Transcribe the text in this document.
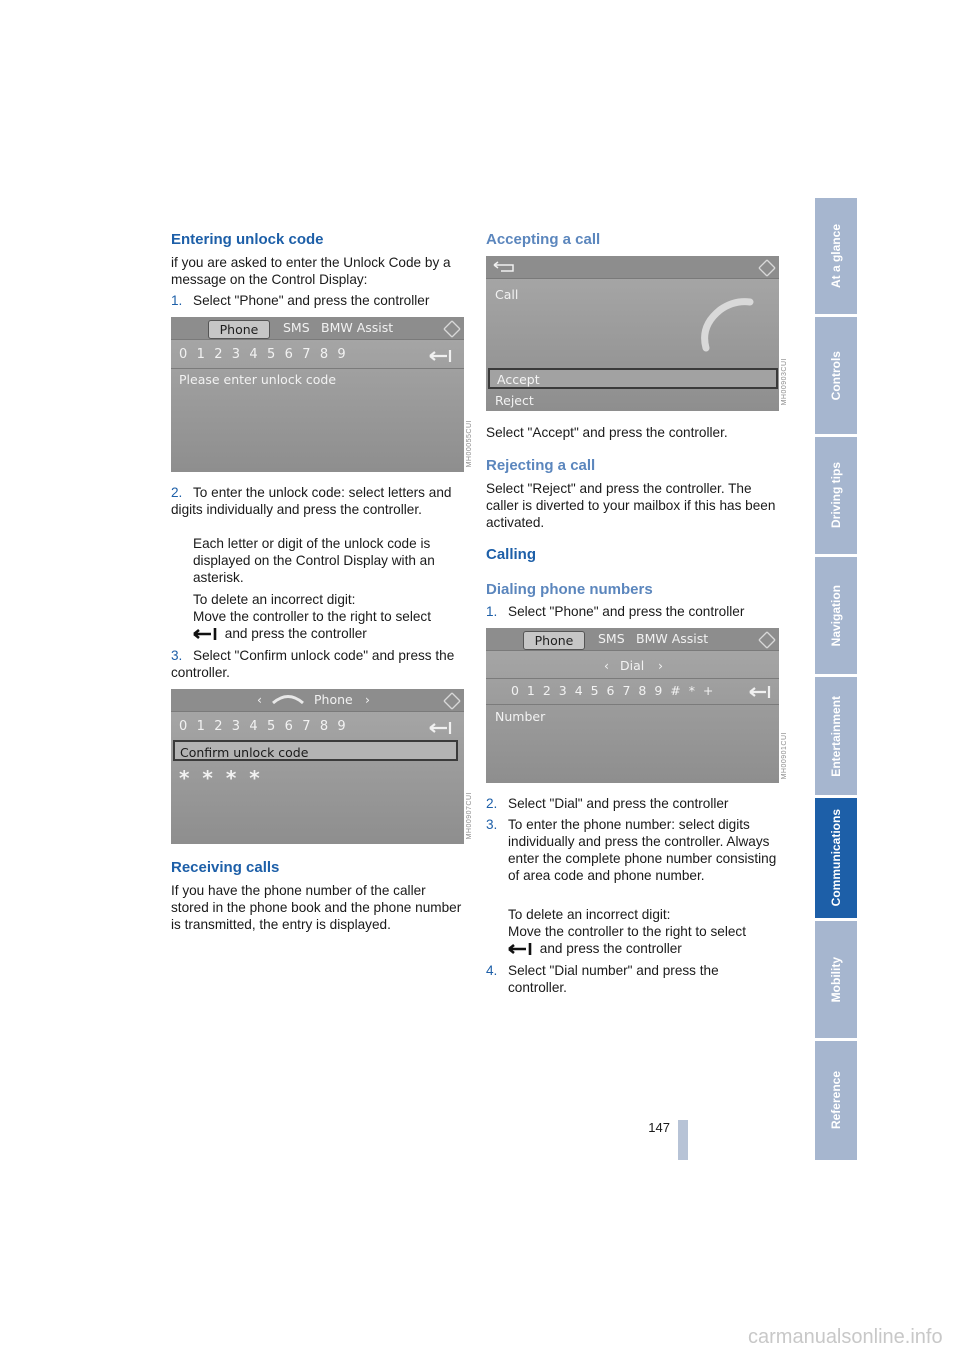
At a glance
Controls
Driving tips
Navigation
Entertainment
Communications
Mobility
Reference
Entering unlock code

if you are asked to enter the Unlock Code by a message on the Control Display:

1. Select "Phone" and press the controller

Phone	SMS BMW Assist
0 1 2 3 4 5 6 7 8 9
Please enter unlock code
MH00055CUI

2. To enter the unlock code: select letters and digits individually and press the controller.

Each letter or digit of the unlock code is displayed on the Control Display with an asterisk.

To delete an incorrect digit:

Move the controller to the right to select
and press the controller

3. Select "Confirm unlock code" and press the controller.

‹	Phone ›
0 1 2 3 4 5 6 7 8 9
Confirm unlock code
* * * *
MH00907CUI
Receiving calls

If you have the phone number of the caller stored in the phone book and the phone number is transmitted, the entry is displayed.

Accepting a call
Call
Accept
Reject	MH00903CUI

Select "Accept" and press the controller.

Rejecting a call

Select "Reject" and press the controller. The caller is diverted to your mailbox if this has been activated.

Calling
Dialing phone numbers

1. Select "Phone" and press the controller

Phone	SMS BMW Assist
‹ Dial ›
0 1 2 3 4 5 6 7 8 9 # * +
Number
MH00901CUI

2. Select "Dial" and press the controller

3. To enter the phone number: select digits individually and press the controller. Always enter the complete phone number consisting of area code and phone number.

To delete an incorrect digit:

Move the controller to the right to select
and press the controller

4. Select "Dial number" and press the controller.

147
carmanualsonline.info
